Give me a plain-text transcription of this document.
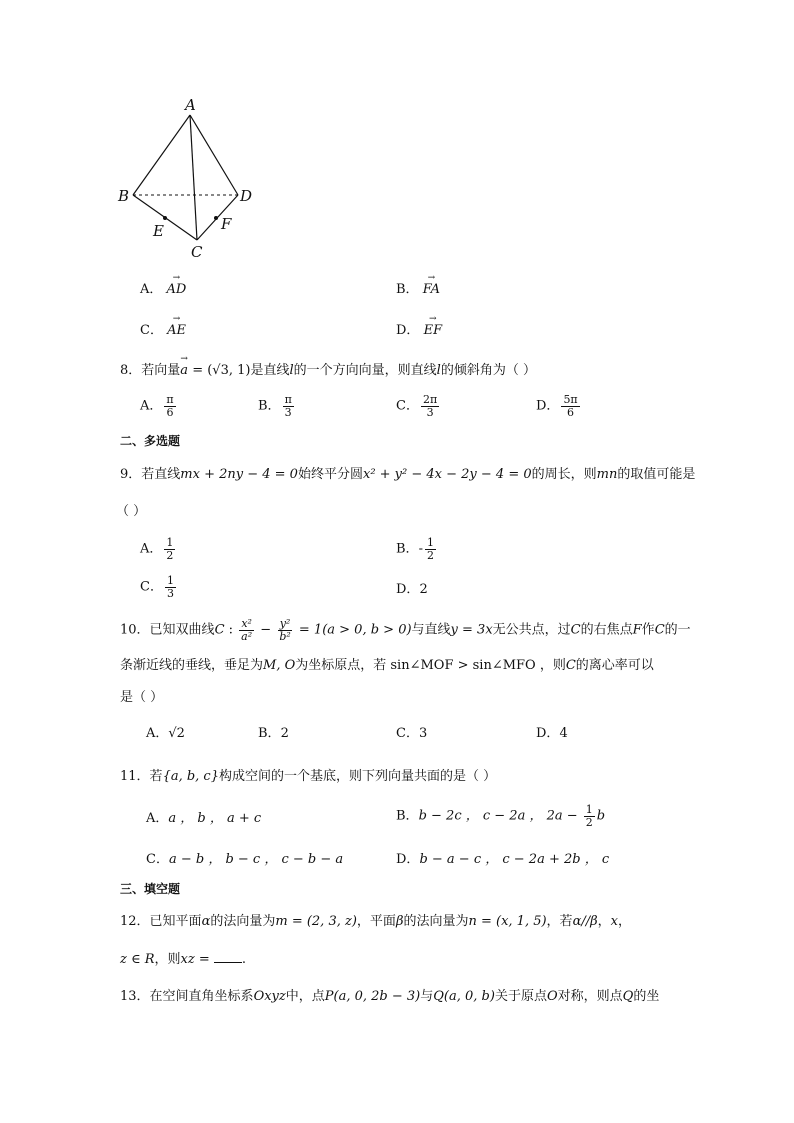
A
B
C
D
E	F
A． → AD	B． → FA
C． → AE	D． → EF
8．若向量→ a = (√3, 1)是直线l的一个方向向量，则直线l的倾斜角为（ ）
A． $\frac{\pi}{6}$	B． $\frac{\pi}{3}$	C． $\frac{2\pi}{3}$	D． $\frac{5\pi}{6}$
二、多选题
9．若直线mx + 2ny − 4 = 0始终平分圆x² + y² − 4x − 2y − 4 = 0的周长，则mn的取值可能是
（ ）
A． $\frac{1}{2}$	B．- $\frac{1}{2}$
C． $\frac{1}{3}$	D．2
10．已知双曲线C : $\frac{\text{x²}}{\text{a²}} - \frac{\text{y²}}{\text{b²}} = 1(a > 0$, b > 0)与直线y = 3x无公共点，过C的右焦点F作C的一
条渐近线的垂线，垂足为M, O为坐标原点，若 sin∠MOF > sin∠MFO ，则C的离心率可以
是（ ）
A．√2	B．2	C．3	D．4
11．若{a, b, c}构成空间的一个基底，则下列向量共面的是（ ）
A．a ， b ， a + c	B．b − 2c ， c − 2a ， $2a - \frac{1}{2}$ b
C．a − b ， b − c ， c − b − a	D．b − a − c ， c − 2a + 2b ， c
三、填空题
12．已知平面α的法向量为m = (2, 3, z)，平面β的法向量为n = (x, 1, 5)，若α//β，x，
z ∈ R，则xz = .
13．在空间直角坐标系Oxyz中，点P(a, 0, 2b − 3)与Q(a, 0, b)关于原点O对称，则点Q的坐
